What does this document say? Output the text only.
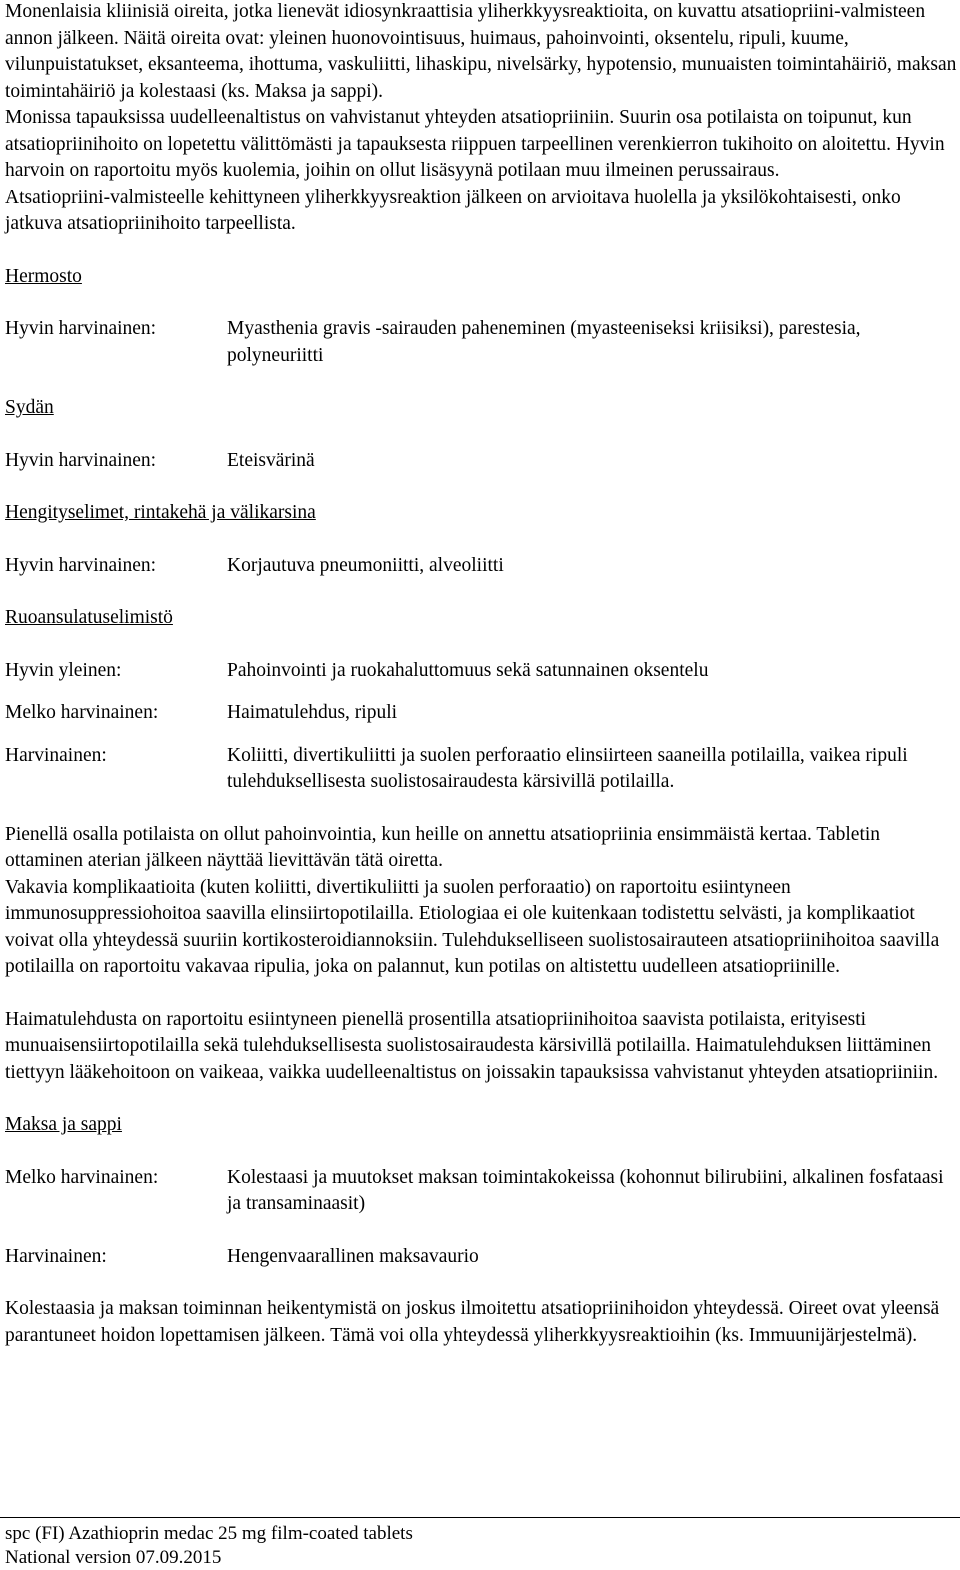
Monenlaisia kliinisiä oireita, jotka lienevät idiosynkraattisia yliherkkyysreaktioita, on kuvattu atsatiopriini-valmisteen annon jälkeen. Näitä oireita ovat: yleinen huonovointisuus, huimaus, pahoinvointi, oksentelu, ripuli, kuume, vilunpuistatukset, eksanteema, ihottuma, vaskuliitti, lihaskipu, nivelsärky, hypotensio, munuaisten toimintahäiriö, maksan toimintahäiriö ja kolestaasi (ks. Maksa ja sappi).

Monissa tapauksissa uudelleenaltistus on vahvistanut yhteyden atsatiopriiniin. Suurin osa potilaista on toipunut, kun atsatiopriinihoito on lopetettu välittömästi ja tapauksesta riippuen tarpeellinen verenkierron tukihoito on aloitettu. Hyvin harvoin on raportoitu myös kuolemia, joihin on ollut lisäsyynä potilaan muu ilmeinen perussairaus.

Atsatiopriini-valmisteelle kehittyneen yliherkkyysreaktion jälkeen on arvioitava huolella ja yksilökohtaisesti, onko jatkuva atsatiopriinihoito tarpeellista.

Hermosto

Hyvin harvinainen:	Myasthenia gravis -sairauden paheneminen (myasteeniseksi kriisiksi), parestesia, polyneuriitti

Sydän

Hyvin harvinainen:	Eteisvärinä

Hengityselimet, rintakehä ja välikarsina

Hyvin harvinainen:	Korjautuva pneumoniitti, alveoliitti

Ruoansulatuselimistö

Hyvin yleinen:	Pahoinvointi ja ruokahaluttomuus sekä satunnainen oksentelu
Melko harvinainen:	Haimatulehdus, ripuli
Harvinainen:	Koliitti, divertikuliitti ja suolen perforaatio elinsiirteen saaneilla potilailla, vaikea ripuli tulehduksellisesta suolistosairaudesta kärsivillä potilailla.

Pienellä osalla potilaista on ollut pahoinvointia, kun heille on annettu atsatiopriinia ensimmäistä kertaa. Tabletin ottaminen aterian jälkeen näyttää lievittävän tätä oiretta.

Vakavia komplikaatioita (kuten koliitti, divertikuliitti ja suolen perforaatio) on raportoitu esiintyneen immunosuppressiohoitoa saavilla elinsiirtopotilailla. Etiologiaa ei ole kuitenkaan todistettu selvästi, ja komplikaatiot voivat olla yhteydessä suuriin kortikosteroidiannoksiin. Tulehdukselliseen suolistosairauteen atsatiopriinihoitoa saavilla potilailla on raportoitu vakavaa ripulia, joka on palannut, kun potilas on altistettu uudelleen atsatiopriinille.

Haimatulehdusta on raportoitu esiintyneen pienellä prosentilla atsatiopriinihoitoa saavista potilaista, erityisesti munuaisensiirtopotilailla sekä tulehduksellisesta suolistosairaudesta kärsivillä potilailla. Haimatulehduksen liittäminen tiettyyn lääkehoitoon on vaikeaa, vaikka uudelleenaltistus on joissakin tapauksissa vahvistanut yhteyden atsatiopriiniin.

Maksa ja sappi

Melko harvinainen:	Kolestaasi ja muutokset maksan toimintakokeissa (kohonnut bilirubiini, alkalinen fosfataasi ja transaminaasit)
Harvinainen:	Hengenvaarallinen maksavaurio

Kolestaasia ja maksan toiminnan heikentymistä on joskus ilmoitettu atsatiopriinihoidon yhteydessä. Oireet ovat yleensä parantuneet hoidon lopettamisen jälkeen. Tämä voi olla yhteydessä yliherkkyysreaktioihin (ks. Immuunijärjestelmä).

spc (FI) Azathioprin medac 25 mg film-coated tablets

National version 07.09.2015
